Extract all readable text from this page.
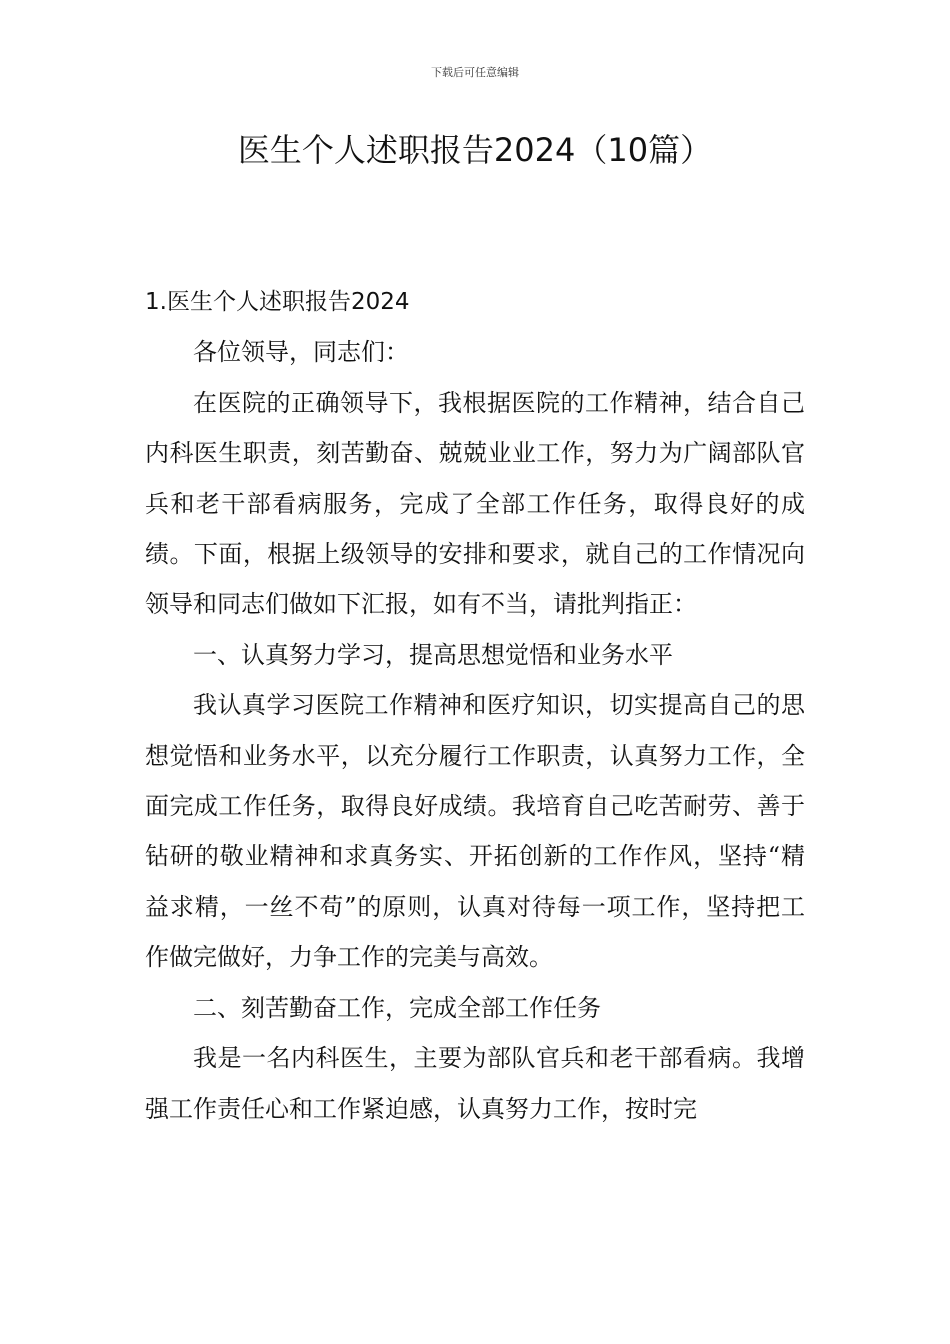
下载后可任意编辑
医生个人述职报告2024（10篇）

1.医生个人述职报告2024

各位领导，同志们：

在医院的正确领导下，我根据医院的工作精神，结合自己内科医生职责，刻苦勤奋、兢兢业业工作，努力为广阔部队官兵和老干部看病服务，完成了全部工作任务，取得良好的成绩。下面，根据上级领导的安排和要求，就自己的工作情况向领导和同志们做如下汇报，如有不当，请批判指正：

一、认真努力学习，提高思想觉悟和业务水平

我认真学习医院工作精神和医疗知识，切实提高自己的思想觉悟和业务水平，以充分履行工作职责，认真努力工作，全面完成工作任务，取得良好成绩。我培育自己吃苦耐劳、善于钻研的敬业精神和求真务实、开拓创新的工作作风，坚持“精益求精，一丝不苟”的原则，认真对待每一项工作，坚持把工作做完做好，力争工作的完美与高效。

二、刻苦勤奋工作，完成全部工作任务

我是一名内科医生，主要为部队官兵和老干部看病。我增强工作责任心和工作紧迫感，认真努力工作，按时完
